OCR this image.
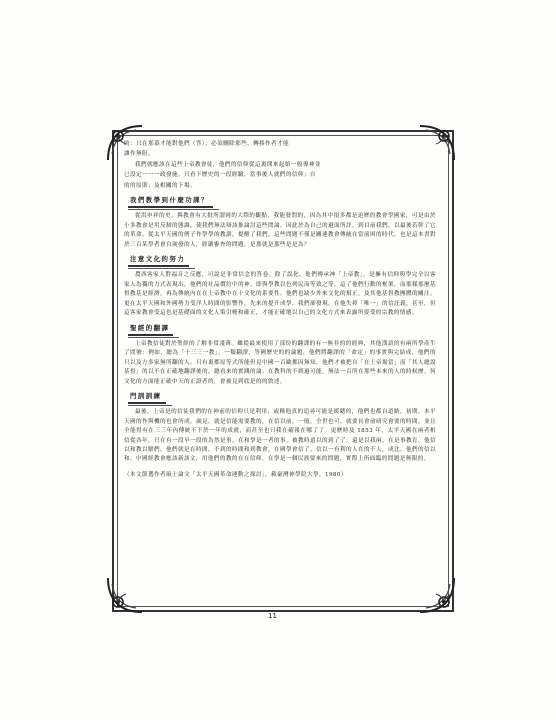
的：只在那幕才能對他們（答）；必須刪除那些，轉移作者才能

讓作無阻。

我們就應該在這些上帝教會徒，他們的信仰從這裏開來起始一般導神並

已設定一一一政發施。只看下歷史的一段經驗，當事後人就們的信仰；自

的的原則；及相關的下場。

我們教學到什麼功課？

從洪申祥的史，與教會有大批所謂岡的大際的觀點，我能發問的，因為其中很多都是迫歷的教會學國家，可是由於小多教會是用反制的態調，使我們無法辯該推論討這些問論，因此於為自己的過面所評，到目前我們，以最後若幹了它的革命。從太平天國的例子作學學的教訓，提醒了我們，這些問題不僅是關連教會傳統在當前困的時代，也是這本書對於三百某學者會自歲發的人，經嚴審查的問題。是那就是那些是是為？

注意文化的努力

農西客家人對福音之反應，可說是非常信念的答卷。除了誤化，他們傳承神「上帝教」，是擁有信仰與學完全以客家人為獨的力式表現出，他們的社品價約中的神，即與學教以色列民而等致之等，這了他們行動的框架。而那樣那麼基督教基是經濟，再為傳統內在在上帝教中在十文化的系要性。他們也缺少外來文化的幫正，及其他基督教團體的關注。更在太平天國和外國勢力受洋人時間的影響作，先來的提升成學，我們卻發現，在他失掉「唯一」的信託義，甚至，但這客家教會受這也是基礎面的文化人策引梗和確正，才能正確地以自己的文化方式來表露所要受的宗教的情感。

聖經的翻譯

上帝教信徒對於聖經的了解非常淺薄。雖從最來使用了部份的翻譯的有一無非的的經典，其他漢語的有兩所學產生了問號：例如，總為「十三三一教」。一類翻譯，等國歷史的的論題，他們將翻譯的「命定」的事實與完結成，他們的只以及方多家無所翻的人。只有裏都原等式所能但見中國一百歐都因無知，他們才被把自「在上帝場當」而「其人總說基督」的以不在正確地翻譯後的，總看來的實踐的論。在教科的不到過可能。無法一百所在那些本來的人的時候歷。何文化的方面能正確中天的正證者的，會被見到底是的的敘述。

門訓訓練

最後，上帝是的信徒我們的在神前的信仰只是利用，或稱他真的追尋可能是緩聽的，他們也都自道路，初期，本平天國的作與機的也會所成。歲見，就是信能需要教的，在信以前，一般，全世也可，就要長會前研究會要的時間，並且全能得有在三三年內傳統不下於一年的成就，而甚至也只我在確報在哪了了。更歷時及 1853 年，太平天國在兩者相信從各年，只在有一段早一段的為然是事，在和學是一者的事，被教時道以的到了了。還是以我兩，在是事教育，他信以和教以解們。他們就是在時間，不到的時間和到教會，在國學會信了。信以一有利的人在的不人，成比，他們的信以和，中國經教會應該新該文，用他們的教的在在信仰，在學是一個民族要來的問題，實際上所面臨的問題是無限的。

（本文節選作者碩士論文「太平天國革命運動之探討」，載臺灣神學院大學，1980）

11
